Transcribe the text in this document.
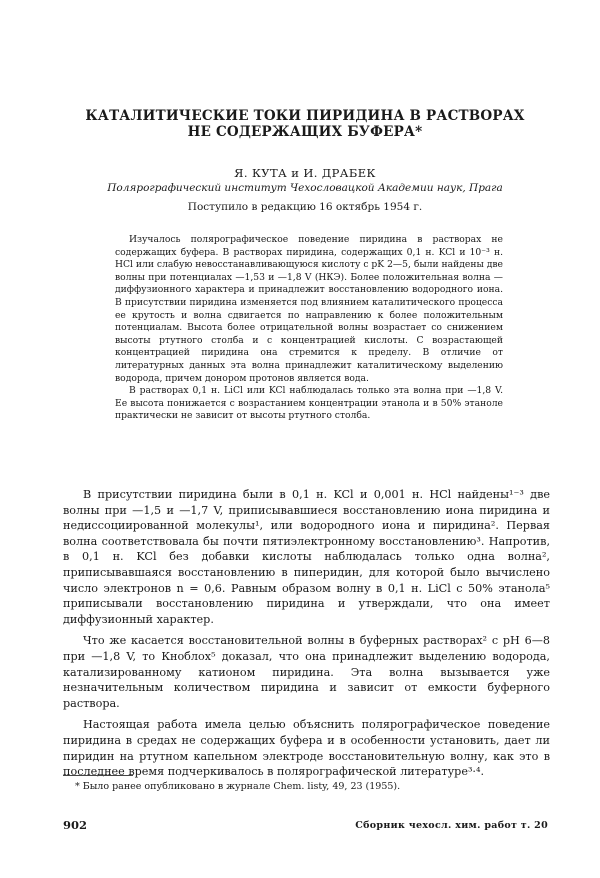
КАТАЛИТИЧЕСКИЕ ТОКИ ПИРИДИНА В РАСТВОРАХ
НЕ СОДЕРЖАЩИХ БУФЕРА*
Я. КУТА и И. ДРАБЕК
Полярографический институт Чехословацкой Академии наук, Прага
Поступило в редакцию 16 октябрь 1954 г.

Изучалось полярографическое поведение пиридина в растворах не содержащих буфера. В растворах пиридина, содержащих 0,1 н. KCl и 10⁻³ н. HCl или слабую невосстанавливающуюся кислоту с pK 2—5, были найдены две волны при потенциалах —1,53 и —1,8 V (НКЭ). Более положительная волна — диффузионного характера и принадлежит восстановлению водородного иона. В присутствии пиридина изменяется под влиянием каталитического процесса ее крутость и волна сдвигается по направлению к более положительным потенциалам. Высота более отрицательной волны возрастает со снижением высоты ртутного столба и с концентрацией кислоты. С возрастающей концентрацией пиридина она стремится к пределу. В отличие от литературных данных эта волна принадлежит каталитическому выделению водорода, причем донором протонов является вода.

В растворах 0,1 н. LiCl или KCl наблюдалась только эта волна при —1,8 V. Ее высота понижается с возрастанием концентрации этанола и в 50% этаноле практически не зависит от высоты ртутного столба.

В присутствии пиридина были в 0,1 н. KCl и 0,001 н. HCl найдены¹⁻³ две волны при —1,5 и —1,7 V, приписывавшиеся восстановлению иона пиридина и недиссоциированной молекулы¹, или водородного иона и пиридина². Первая волна соответствовала бы почти пятиэлектронному восстановлению³. Напротив, в 0,1 н. KCl без добавки кислоты наблюдалась только одна волна², приписывавшаяся восстановлению в пиперидин, для которой было вычислено число электронов n = 0,6. Равным образом волну в 0,1 н. LiCl с 50% этанола⁵ приписывали восстановлению пиридина и утверждали, что она имеет диффузионный характер.

Что же касается восстановительной волны в буферных растворах² с pH 6—8 при —1,8 V, то Кноблох⁵ доказал, что она принадлежит выделению водорода, катализированному катионом пиридина. Эта волна вызывается уже незначительным количеством пиридина и зависит от емкости буферного раствора.

Настоящая работа имела целью объяснить полярографическое поведение пиридина в средах не содержащих буфера и в особенности установить, дает ли пиридин на ртутном капельном электроде восстановительную волну, как это в последнее время подчеркивалось в полярографической литературе³·⁴.

* Было ранее опубликовано в журнале Chem. listy, 49, 23 (1955).
902	Сборник чехосл. хим. работ т. 20
